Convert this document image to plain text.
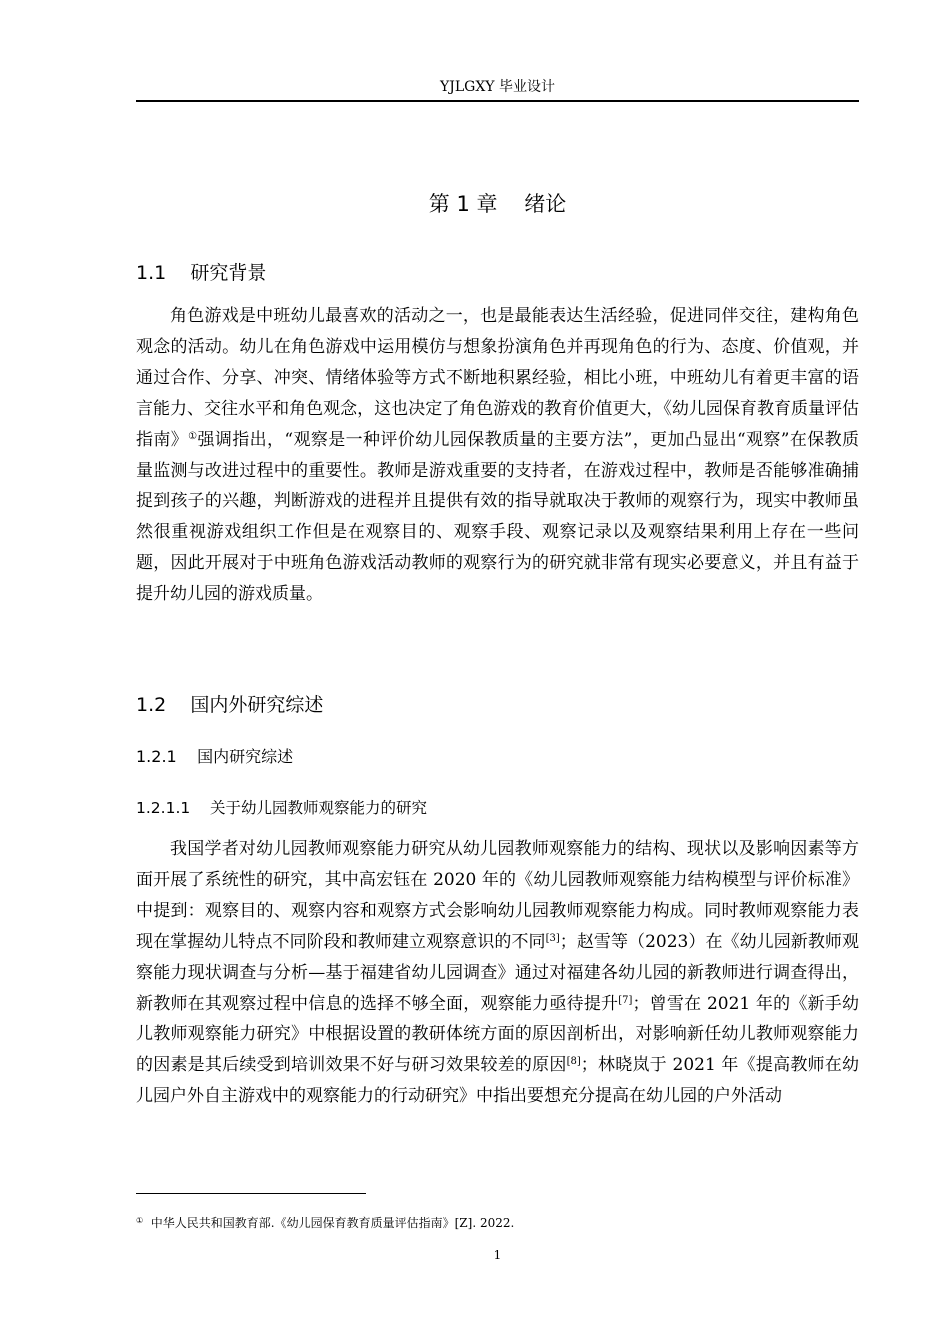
YJLGXY 毕业设计
第 1 章    绪论
1.1 研究背景

角色游戏是中班幼儿最喜欢的活动之一，也是最能表达生活经验，促进同伴交往，建构角色观念的活动。幼儿在角色游戏中运用模仿与想象扮演角色并再现角色的行为、态度、价值观，并通过合作、分享、冲突、情绪体验等方式不断地积累经验，相比小班，中班幼儿有着更丰富的语言能力、交往水平和角色观念，这也决定了角色游戏的教育价值更大，《幼儿园保育教育质量评估指南》①强调指出，“观察是一种评价幼儿园保教质量的主要方法”，更加凸显出“观察”在保教质量监测与改进过程中的重要性。教师是游戏重要的支持者，在游戏过程中，教师是否能够准确捕捉到孩子的兴趣，判断游戏的进程并且提供有效的指导就取决于教师的观察行为，现实中教师虽然很重视游戏组织工作但是在观察目的、观察手段、观察记录以及观察结果利用上存在一些问题，因此开展对于中班角色游戏活动教师的观察行为的研究就非常有现实必要意义，并且有益于提升幼儿园的游戏质量。

1.2 国内外研究综述
1.2.1 国内研究综述
1.2.1.1 关于幼儿园教师观察能力的研究

我国学者对幼儿园教师观察能力研究从幼儿园教师观察能力的结构、现状以及影响因素等方面开展了系统性的研究，其中高宏钰在 2020 年的《幼儿园教师观察能力结构模型与评价标准》中提到：观察目的、观察内容和观察方式会影响幼儿园教师观察能力构成。同时教师观察能力表现在掌握幼儿特点不同阶段和教师建立观察意识的不同[3]；赵雪等（2023）在《幼儿园新教师观察能力现状调查与分析—基于福建省幼儿园调查》通过对福建各幼儿园的新教师进行调查得出，新教师在其观察过程中信息的选择不够全面，观察能力亟待提升[7]；曾雪在 2021 年的《新手幼儿教师观察能力研究》中根据设置的教研体统方面的原因剖析出，对影响新任幼儿教师观察能力的因素是其后续受到培训效果不好与研习效果较差的原因[8]；林晓岚于 2021 年《提高教师在幼儿园户外自主游戏中的观察能力的行动研究》中指出要想充分提高在幼儿园的户外活动

①  中华人民共和国教育部.《幼儿园保育教育质量评估指南》[Z]. 2022.
1
